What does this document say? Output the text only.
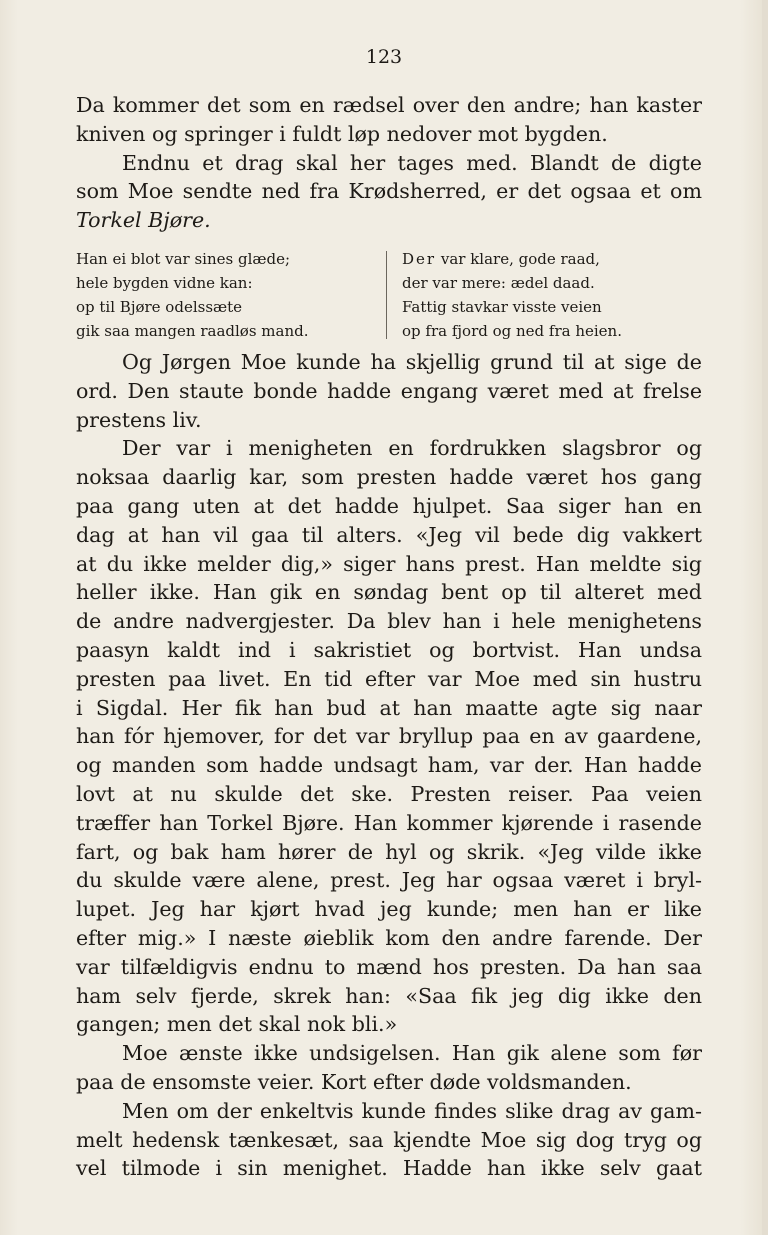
123
Da kommer det som en rædsel over den andre; han kaster
kniven og springer i fuldt løp nedover mot bygden.
Endnu et drag skal her tages med. Blandt de digte
som Moe sendte ned fra Krødsherred, er det ogsaa et om
Torkel Bjøre.
Han ei blot var sines glæde;
hele bygden vidne kan:
op til Bjøre odelssæte
gik saa mangen raadløs mand.
Der var klare, gode raad,
der var mere: ædel daad.
Fattig stavkar visste veien
op fra fjord og ned fra heien.
Og Jørgen Moe kunde ha skjellig grund til at sige de
ord. Den staute bonde hadde engang været med at frelse
prestens liv.
Der var i menigheten en fordrukken slagsbror og
noksaa daarlig kar, som presten hadde været hos gang
paa gang uten at det hadde hjulpet. Saa siger han en
dag at han vil gaa til alters. «Jeg vil bede dig vakkert
at du ikke melder dig,» siger hans prest. Han meldte sig
heller ikke. Han gik en søndag bent op til alteret med
de andre nadvergjester. Da blev han i hele menighetens
paasyn kaldt ind i sakristiet og bortvist. Han undsa
presten paa livet. En tid efter var Moe med sin hustru
i Sigdal. Her fik han bud at han maatte agte sig naar
han fór hjemover, for det var bryllup paa en av gaardene,
og manden som hadde undsagt ham, var der. Han hadde
lovt at nu skulde det ske. Presten reiser. Paa veien
træffer han Torkel Bjøre. Han kommer kjørende i rasende
fart, og bak ham hører de hyl og skrik. «Jeg vilde ikke
du skulde være alene, prest. Jeg har ogsaa været i bryl-
lupet. Jeg har kjørt hvad jeg kunde; men han er like
efter mig.» I næste øieblik kom den andre farende. Der
var tilfældigvis endnu to mænd hos presten. Da han saa
ham selv fjerde, skrek han: «Saa fik jeg dig ikke den
gangen; men det skal nok bli.»
Moe ænste ikke undsigelsen. Han gik alene som før
paa de ensomste veier. Kort efter døde voldsmanden.
Men om der enkeltvis kunde findes slike drag av gam-
melt hedensk tænkesæt, saa kjendte Moe sig dog tryg og
vel tilmode i sin menighet. Hadde han ikke selv gaat
